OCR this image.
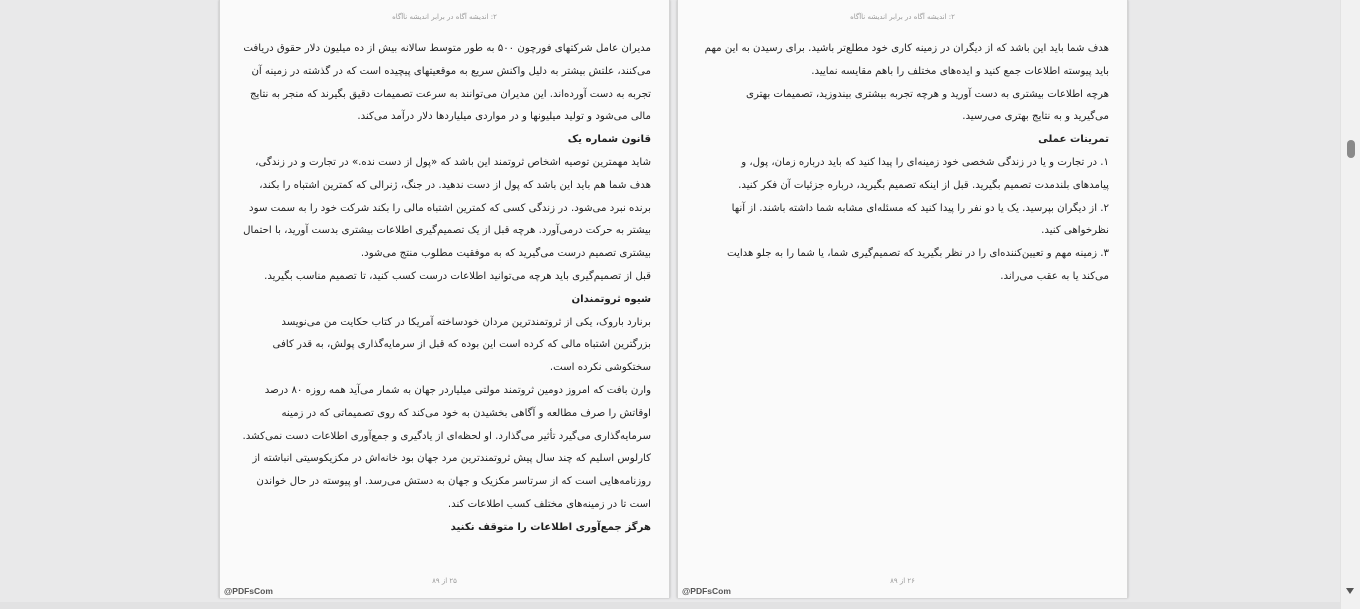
۲: اندیشه آگاه در برابر اندیشه ناآگاه

مدیران عامل شرکتهای فورچون ۵۰۰ به طور متوسط سالانه بیش از ده میلیون دلار حقوق دریافت

می‌کنند، علتش بیشتر به دلیل واکنش سریع به موقعیتهای پیچیده است که در گذشته در زمینه آن

تجربه به دست آورده‌اند. این مدیران می‌توانند به سرعت تصمیمات دقیق بگیرند که منجر به نتایج

مالی می‌شود و تولید میلیونها و در مواردی میلیاردها دلار درآمد می‌کند.

قانون شماره یک

شاید مهمترین توصیه اشخاص ثروتمند این باشد که «پول از دست نده.» در تجارت و در زندگی،

هدف شما هم باید این باشد که پول از دست ندهید. در جنگ، ژنرالی که کمترین اشتباه را بکند،

برنده نبرد می‌شود. در زندگی کسی که کمترین اشتباه مالی را بکند شرکت خود را به سمت سود

بیشتر به حرکت درمی‌آورد. هرچه قبل از یک تصمیم‌گیری اطلاعات بیشتری بدست آورید، با احتمال

بیشتری تصمیم درست می‌گیرید که به موفقیت مطلوب منتج می‌شود.

قبل از تصمیم‌گیری باید هرچه می‌توانید اطلاعات درست کسب کنید، تا تصمیم مناسب بگیرید.

شیوه ثروتمندان

برنارد باروک، یکی از ثروتمندترین مردان خودساخته آمریکا در کتاب حکایت من می‌نویسد

بزرگترین اشتباه مالی که کرده است این بوده که قبل از سرمایه‌گذاری پولش، به قدر کافی

سختکوشی نکرده است.

وارن بافت که امروز دومین ثروتمند مولتی میلیاردر جهان به شمار می‌آید همه روزه ۸۰ درصد

اوقاتش را صرف مطالعه و آگاهی بخشیدن به خود می‌کند که روی تصمیماتی که در زمینه

سرمایه‌گذاری می‌گیرد تأثیر می‌گذارد. او لحظه‌ای از یادگیری و جمع‌آوری اطلاعات دست نمی‌کشد.

کارلوس اسلیم که چند سال پیش ثروتمندترین مرد جهان بود خانه‌اش در مکزیکوسیتی انباشته از

روزنامه‌هایی است که از سرتاسر مکزیک و جهان به دستش می‌رسد. او پیوسته در حال خواندن

است تا در زمینه‌های مختلف کسب اطلاعات کند.

هرگز جمع‌آوری اطلاعات را متوقف نکنید

۲۵ از ۸۹
@PDFsCom
۲: اندیشه آگاه در برابر اندیشه ناآگاه

هدف شما باید این باشد که از دیگران در زمینه کاری خود مطلع‌تر باشید. برای رسیدن به این مهم

باید پیوسته اطلاعات جمع کنید و ایده‌های مختلف را باهم مقایسه نمایید.

هرچه اطلاعات بیشتری به دست آورید و هرچه تجربه بیشتری بیندوزید، تصمیمات بهتری

می‌گیرید و به نتایج بهتری می‌رسید.

تمرینات عملی

۱. در تجارت و یا در زندگی شخصی خود زمینه‌ای را پیدا کنید که باید درباره زمان، پول، و

پیامدهای بلندمدت تصمیم بگیرید. قبل از اینکه تصمیم بگیرید، درباره جزئیات آن فکر کنید.

۲. از دیگران بپرسید. یک یا دو نفر را پیدا کنید که مسئله‌ای مشابه شما داشته باشند. از آنها

نظرخواهی کنید.

۳. زمینه مهم و تعیین‌کننده‌ای را در نظر بگیرید که تصمیم‌گیری شما، یا شما را به جلو هدایت

می‌کند یا به عقب می‌راند.

۲۶ از ۸۹
@PDFsCom
